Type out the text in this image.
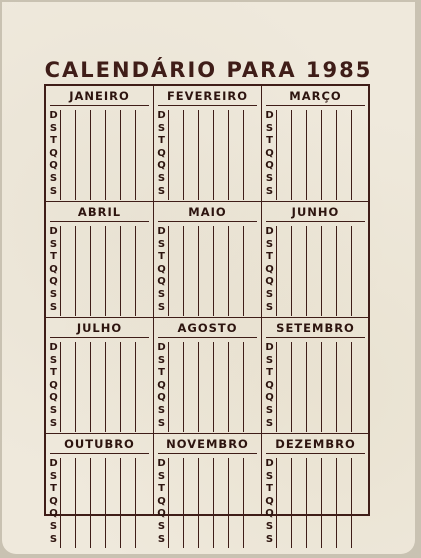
CALENDÁRIO PARA 1985
JANEIRO
D
S
T
Q
Q
S
S
FEVEREIRO
D
S
T
Q
Q
S
S
MARÇO
D
S
T
Q
Q
S
S
ABRIL
D
S
T
Q
Q
S
S
MAIO
D
S
T
Q
Q
S
S
JUNHO
D
S
T
Q
Q
S
S
JULHO
D
S
T
Q
Q
S
S
AGOSTO
D
S
T
Q
Q
S
S
SETEMBRO
D
S
T
Q
Q
S
S
OUTUBRO
D
S
T
Q
Q
S
S
NOVEMBRO
D
S
T
Q
Q
S
S
DEZEMBRO
D
S
T
Q
Q
S
S
